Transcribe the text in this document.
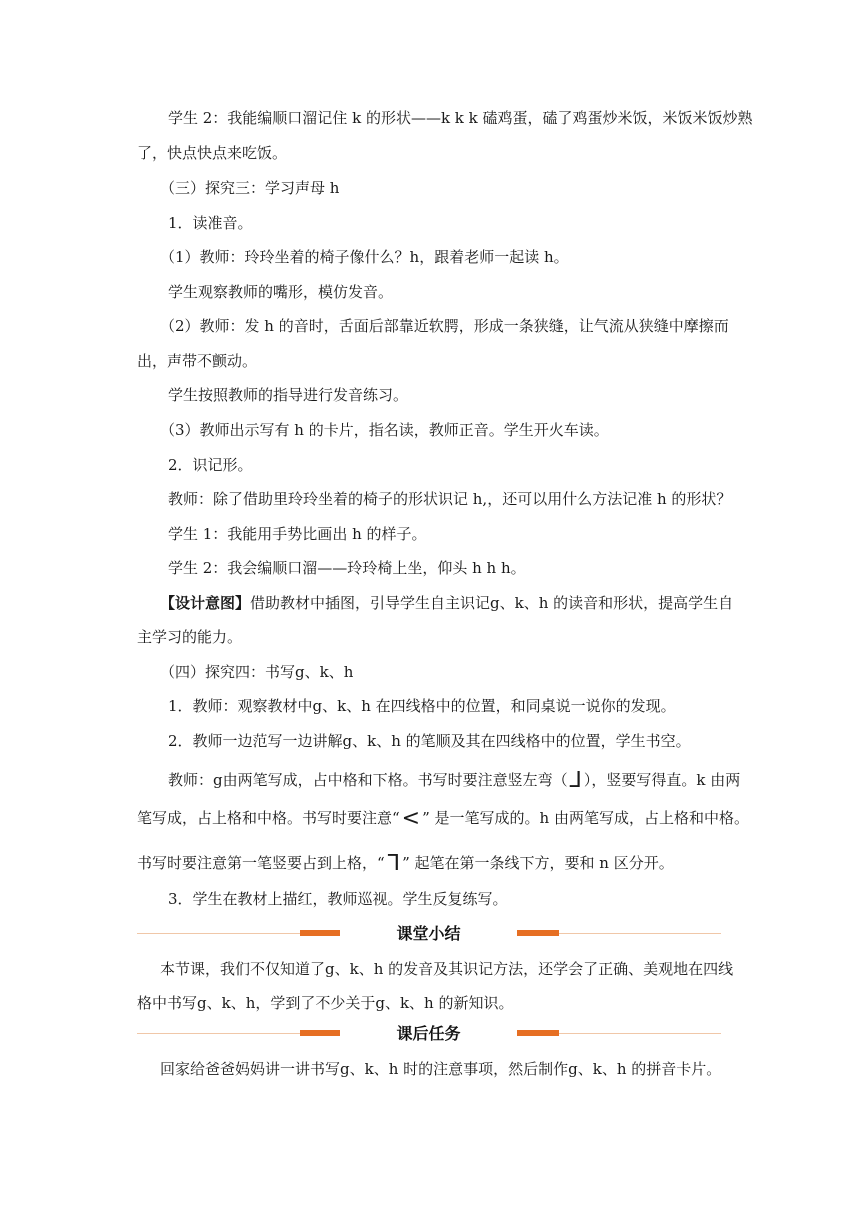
学生 2：我能编顺口溜记住 k 的形状——k k k 磕鸡蛋，磕了鸡蛋炒米饭，米饭米饭炒熟
了，快点快点来吃饭。
（三）探究三：学习声母 h
1．读准音。
（1）教师：玲玲坐着的椅子像什么？h，跟着老师一起读 h。
学生观察教师的嘴形，模仿发音。
（2）教师：发 h 的音时，舌面后部靠近软腭，形成一条狭缝，让气流从狭缝中摩擦而
出，声带不颤动。
学生按照教师的指导进行发音练习。
（3）教师出示写有 h 的卡片，指名读，教师正音。学生开火车读。
2．识记形。
教师：除了借助里玲玲坐着的椅子的形状识记 h,，还可以用什么方法记准 h 的形状？
学生 1：我能用手势比画出 h 的样子。
学生 2：我会编顺口溜——玲玲椅上坐，仰头 h h h。
【设计意图】借助教材中插图，引导学生自主识记g、k、h 的读音和形状，提高学生自
主学习的能力。
（四）探究四：书写g、k、h
1．教师：观察教材中g、k、h 在四线格中的位置，和同桌说一说你的发现。
2．教师一边范写一边讲解g、k、h 的笔顺及其在四线格中的位置，学生书空。
教师：g由两笔写成，占中格和下格。书写时要注意竖左弯（⅃ ），竖要写得直。k 由两
笔写成，占上格和中格。书写时要注意“< ” 是一笔写成的。h 由两笔写成，占上格和中格。
书写时要注意第一笔竖要占到上格，“ᒣ ” 起笔在第一条线下方，要和 n 区分开。
3．学生在教材上描红，教师巡视。学生反复练写。
课堂小结
本节课，我们不仅知道了g、k、h 的发音及其识记方法，还学会了正确、美观地在四线
格中书写g、k、h，学到了不少关于g、k、h 的新知识。
课后任务
回家给爸爸妈妈讲一讲书写g、k、h 时的注意事项，然后制作g、k、h 的拼音卡片。
